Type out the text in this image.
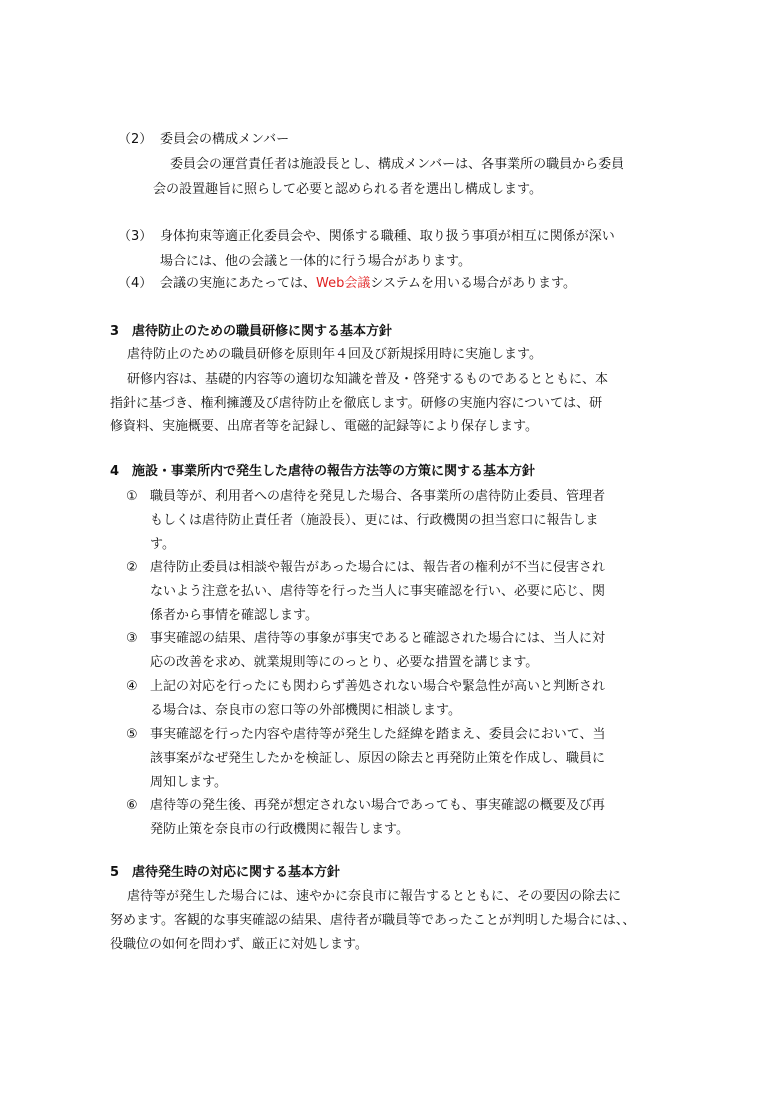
（2） 委員会の構成メンバー
委員会の運営責任者は施設長とし、構成メンバーは、各事業所の職員から委員
会の設置趣旨に照らして必要と認められる者を選出し構成します。
（3） 身体拘束等適正化委員会や、関係する職種、取り扱う事項が相互に関係が深い
場合には、他の会議と一体的に行う場合があります。
（4） 会議の実施にあたっては、Web会議システムを用いる場合があります。
3　虐待防止のための職員研修に関する基本方針
虐待防止のための職員研修を原則年４回及び新規採用時に実施します。
研修内容は、基礎的内容等の適切な知識を普及・啓発するものであるとともに、本
指針に基づき、権利擁護及び虐待防止を徹底します。研修の実施内容については、研
修資料、実施概要、出席者等を記録し、電磁的記録等により保存します。
4　施設・事業所内で発生した虐待の報告方法等の方策に関する基本方針
① 職員等が、利用者への虐待を発見した場合、各事業所の虐待防止委員、管理者
もしくは虐待防止責任者（施設長）、更には、行政機関の担当窓口に報告しま
す。
② 虐待防止委員は相談や報告があった場合には、報告者の権利が不当に侵害され
ないよう注意を払い、虐待等を行った当人に事実確認を行い、必要に応じ、関
係者から事情を確認します。
③ 事実確認の結果、虐待等の事象が事実であると確認された場合には、当人に対
応の改善を求め、就業規則等にのっとり、必要な措置を講じます。
④ 上記の対応を行ったにも関わらず善処されない場合や緊急性が高いと判断され
る場合は、奈良市の窓口等の外部機関に相談します。
⑤ 事実確認を行った内容や虐待等が発生した経緯を踏まえ、委員会において、当
該事案がなぜ発生したかを検証し、原因の除去と再発防止策を作成し、職員に
周知します。
⑥ 虐待等の発生後、再発が想定されない場合であっても、事実確認の概要及び再
発防止策を奈良市の行政機関に報告します。
5　虐待発生時の対応に関する基本方針
虐待等が発生した場合には、速やかに奈良市に報告するとともに、その要因の除去に
努めます。客観的な事実確認の結果、虐待者が職員等であったことが判明した場合には、、
役職位の如何を問わず、厳正に対処します。
